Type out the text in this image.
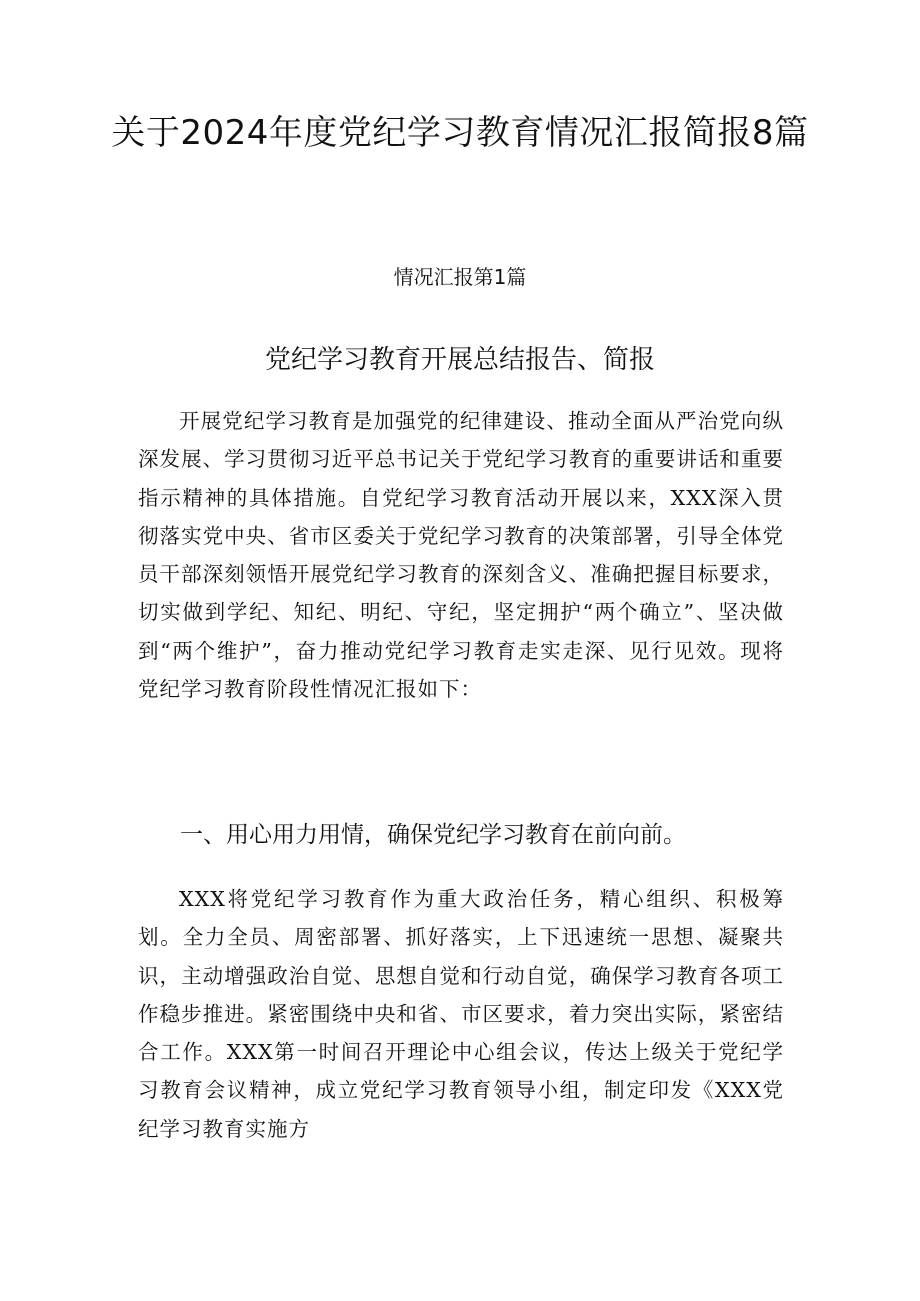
关于2024年度党纪学习教育情况汇报简报8篇
情况汇报第1篇
党纪学习教育开展总结报告、简报

开展党纪学习教育是加强党的纪律建设、推动全面从严治党向纵深发展、学习贯彻习近平总书记关于党纪学习教育的重要讲话和重要指示精神的具体措施。自党纪学习教育活动开展以来，XXX深入贯彻落实党中央、省市区委关于党纪学习教育的决策部署，引导全体党员干部深刻领悟开展党纪学习教育的深刻含义、准确把握目标要求，切实做到学纪、知纪、明纪、守纪，坚定拥护“两个确立”、坚决做到“两个维护”，奋力推动党纪学习教育走实走深、见行见效。现将党纪学习教育阶段性情况汇报如下：

一、用心用力用情，确保党纪学习教育在前向前。

XXX将党纪学习教育作为重大政治任务，精心组织、积极筹划。全力全员、周密部署、抓好落实，上下迅速统一思想、凝聚共识，主动增强政治自觉、思想自觉和行动自觉，确保学习教育各项工作稳步推进。紧密围绕中央和省、市区要求，着力突出实际，紧密结合工作。XXX第一时间召开理论中心组会议，传达上级关于党纪学习教育会议精神，成立党纪学习教育领导小组，制定印发《XXX党纪学习教育实施方
